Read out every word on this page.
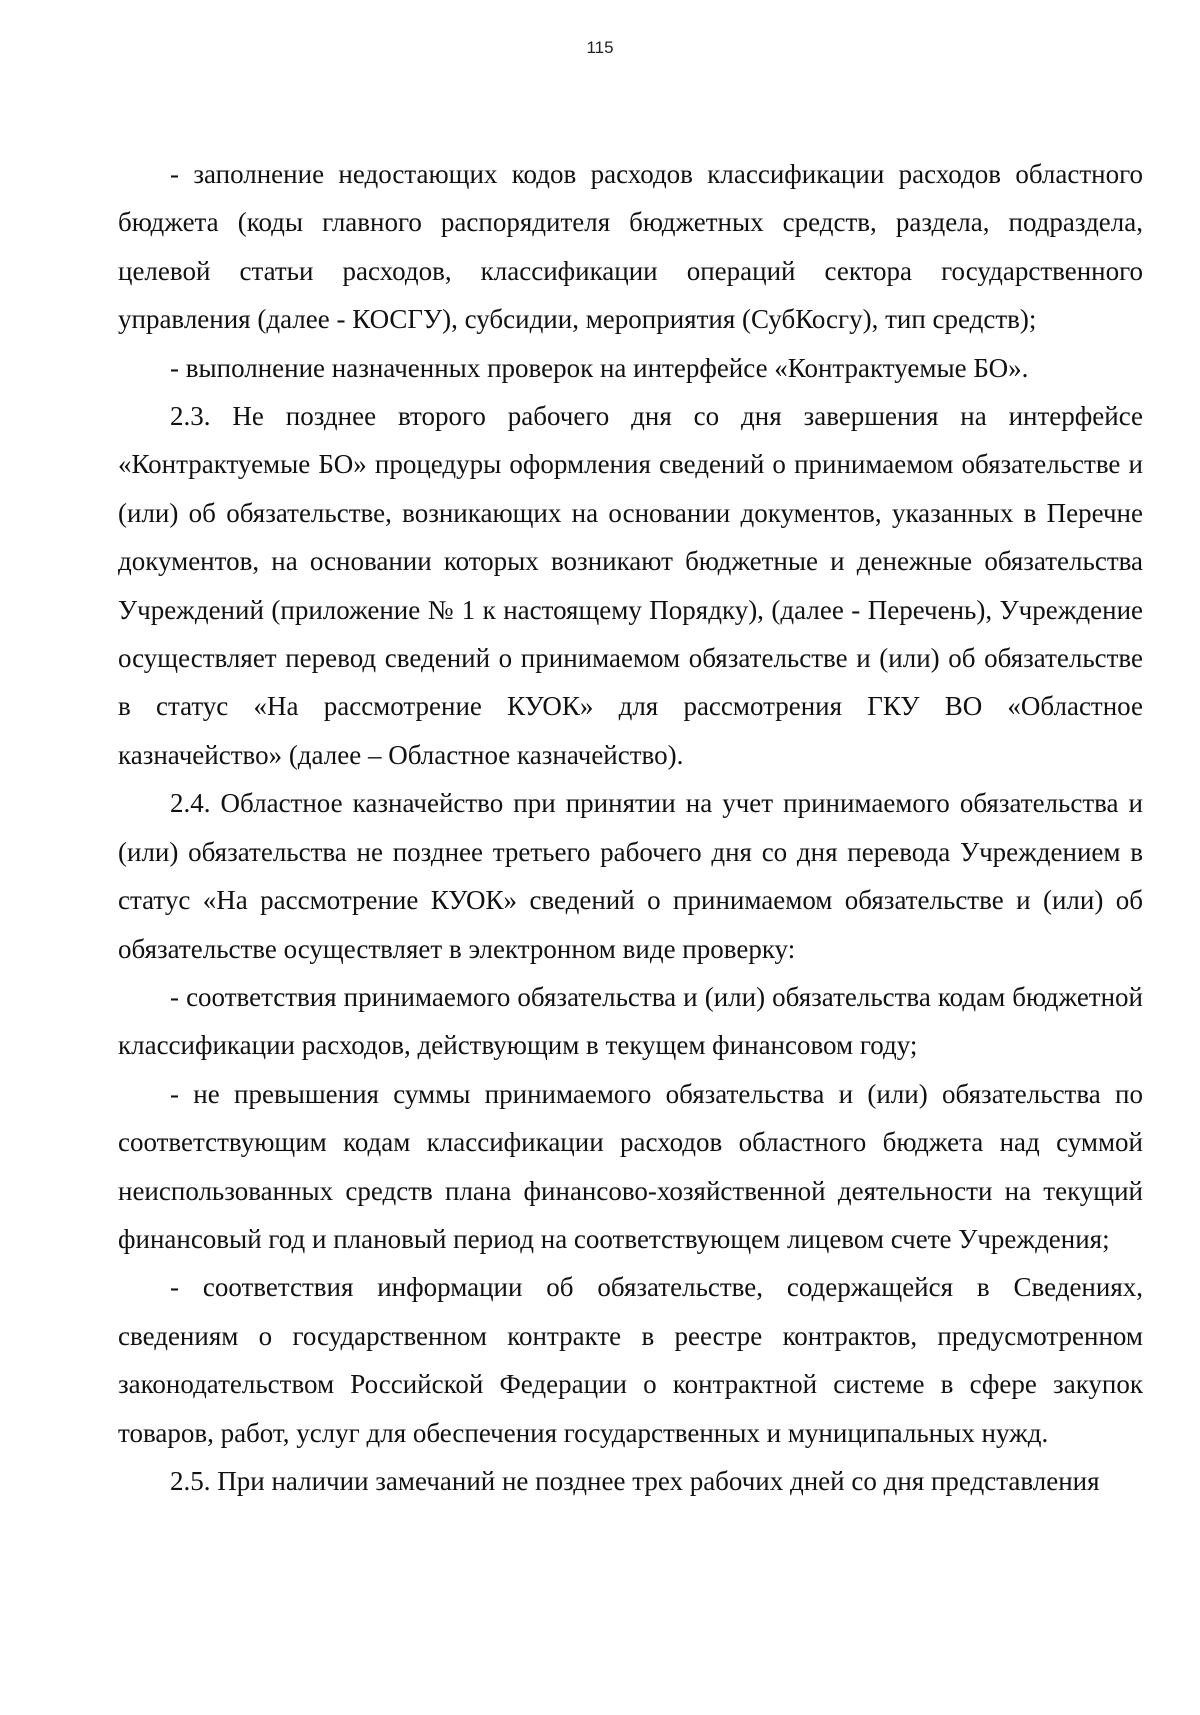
115

- заполнение недостающих кодов расходов классификации расходов областного бюджета (коды главного распорядителя бюджетных средств, раздела, подраздела, целевой статьи расходов, классификации операций сектора государственного управления (далее - КОСГУ), субсидии, мероприятия (СубКосгу), тип средств);

- выполнение назначенных проверок на интерфейсе «Контрактуемые БО».

2.3. Не позднее второго рабочего дня со дня завершения на интерфейсе «Контрактуемые БО» процедуры оформления сведений о принимаемом обязательстве и (или) об обязательстве, возникающих на основании документов, указанных в Перечне документов, на основании которых возникают бюджетные и денежные обязательства Учреждений (приложение № 1 к настоящему Порядку), (далее - Перечень), Учреждение осуществляет перевод сведений о принимаемом обязательстве и (или) об обязательстве в статус «На рассмотрение КУОК» для рассмотрения ГКУ ВО «Областное казначейство» (далее – Областное казначейство).

2.4. Областное казначейство при принятии на учет принимаемого обязательства и (или) обязательства не позднее третьего рабочего дня со дня перевода Учреждением в статус «На рассмотрение КУОК» сведений о принимаемом обязательстве и (или) об обязательстве осуществляет в электронном виде проверку:

- соответствия принимаемого обязательства и (или) обязательства кодам бюджетной классификации расходов, действующим в текущем финансовом году;

- не превышения суммы принимаемого обязательства и (или) обязательства по соответствующим кодам классификации расходов областного бюджета над суммой неиспользованных средств плана финансово-хозяйственной деятельности на текущий финансовый год и плановый период на соответствующем лицевом счете Учреждения;

- соответствия информации об обязательстве, содержащейся в Сведениях, сведениям о государственном контракте в реестре контрактов, предусмотренном законодательством Российской Федерации о контрактной системе в сфере закупок товаров, работ, услуг для обеспечения государственных и муниципальных нужд.

2.5. При наличии замечаний не позднее трех рабочих дней со дня представления
